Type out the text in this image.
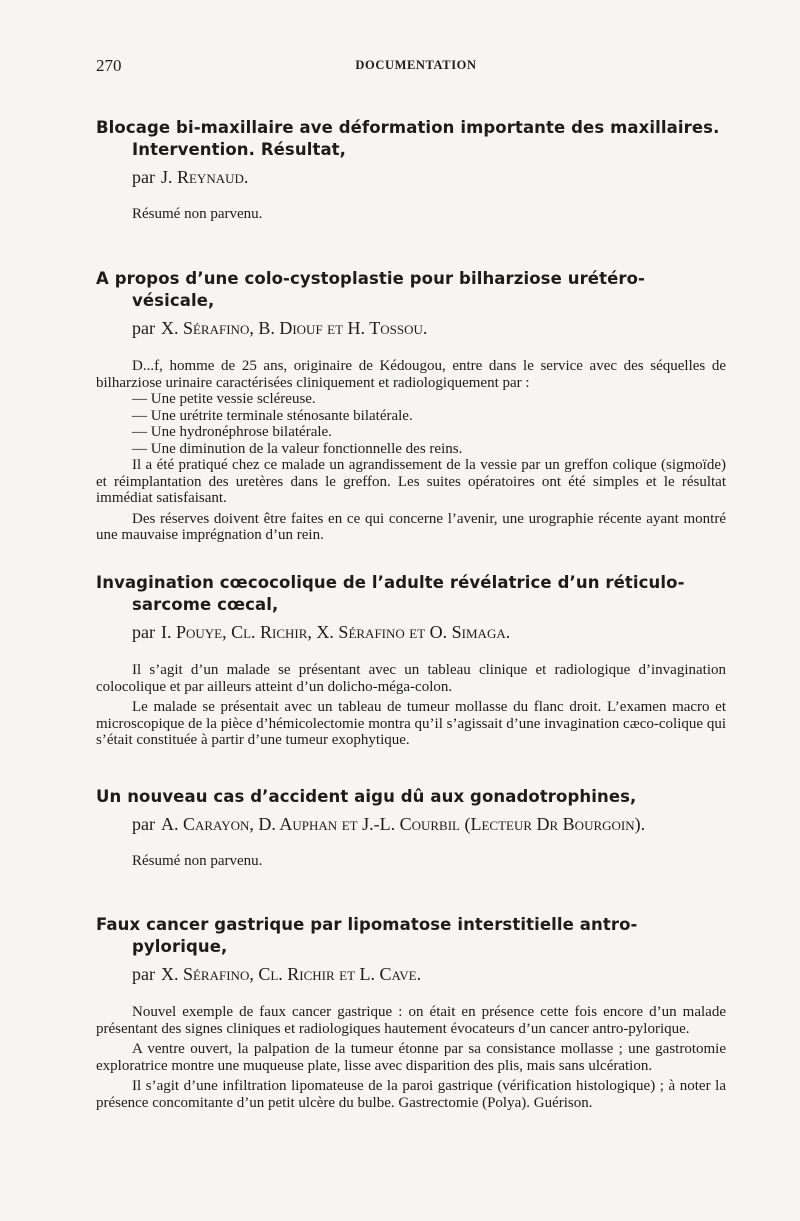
270	DOCUMENTATION
Blocage bi-maxillaire ave déformation importante des maxillaires. Intervention. Résultat,
par J. Reynaud.
Résumé non parvenu.
A propos d’une colo-cystoplastie pour bilharziose urétéro-vésicale,
par X. Sérafino, B. Diouf et H. Tossou.

D...f, homme de 25 ans, originaire de Kédougou, entre dans le service avec des séquelles de bilharziose urinaire caractérisées cliniquement et radiologiquement par :

— Une petite vessie scléreuse.
— Une urétrite terminale sténosante bilatérale.
— Une hydronéphrose bilatérale.
— Une diminution de la valeur fonctionnelle des reins.

Il a été pratiqué chez ce malade un agrandissement de la vessie par un greffon colique (sigmoïde) et réimplantation des uretères dans le greffon. Les suites opératoires ont été simples et le résultat immédiat satisfaisant.

Des réserves doivent être faites en ce qui concerne l’avenir, une urographie récente ayant montré une mauvaise imprégnation d’un rein.

Invagination cœcocolique de l’adulte révélatrice d’un réticulo-sarcome cœcal,
par I. Pouye, Cl. Richir, X. Sérafino et O. Simaga.

Il s’agit d’un malade se présentant avec un tableau clinique et radiologique d’invagination colocolique et par ailleurs atteint d’un dolicho-méga-colon.

Le malade se présentait avec un tableau de tumeur mollasse du flanc droit. L’examen macro et microscopique de la pièce d’hémicolectomie montra qu’il s’agissait d’une invagination cæco-colique qui s’était constituée à partir d’une tumeur exophytique.

Un nouveau cas d’accident aigu dû aux gonadotrophines,
par A. Carayon, D. Auphan et J.-L. Courbil (Lecteur Dr Bourgoin).
Résumé non parvenu.
Faux cancer gastrique par lipomatose interstitielle antro-pylorique,
par X. Sérafino, Cl. Richir et L. Cave.

Nouvel exemple de faux cancer gastrique : on était en présence cette fois encore d’un malade présentant des signes cliniques et radiologiques hautement évocateurs d’un cancer antro-pylorique.

A ventre ouvert, la palpation de la tumeur étonne par sa consistance mollasse ; une gastrotomie exploratrice montre une muqueuse plate, lisse avec disparition des plis, mais sans ulcération.

Il s’agit d’une infiltration lipomateuse de la paroi gastrique (vérification histologique) ; à noter la présence concomitante d’un petit ulcère du bulbe. Gastrectomie (Polya). Guérison.
